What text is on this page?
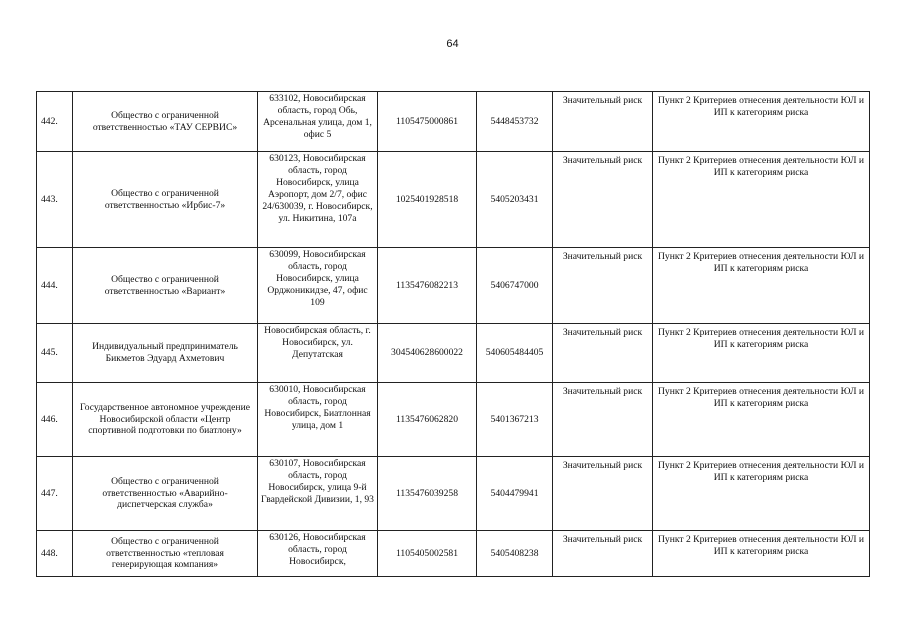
64
442.	Общество с ограниченной ответственностью «ТАУ СЕРВИС»	633102, Новосибирская область, город Обь, Арсенальная улица, дом 1, офис 5	1105475000861	5448453732	Значительный риск	Пункт 2 Критериев отнесения деятельности ЮЛ и ИП к категориям риска
443.	Общество с ограниченной ответственностью «Ирбис-7»	630123, Новосибирская область, город Новосибирск, улица Аэропорт, дом 2/7, офис 24/630039, г. Новосибирск, ул. Никитина, 107а	1025401928518	5405203431	Значительный риск	Пункт 2 Критериев отнесения деятельности ЮЛ и ИП к категориям риска
444.	Общество с ограниченной ответственностью «Вариант»	630099, Новосибирская область, город Новосибирск, улица Орджоникидзе, 47, офис 109	1135476082213	5406747000	Значительный риск	Пункт 2 Критериев отнесения деятельности ЮЛ и ИП к категориям риска
445.	Индивидуальный предприниматель Бикметов Эдуард Ахметович	Новосибирская область, г. Новосибирск, ул. Депутатская	304540628600022	540605484405	Значительный риск	Пункт 2 Критериев отнесения деятельности ЮЛ и ИП к категориям риска
446.	Государственное автономное учреждение Новосибирской области «Центр спортивной подготовки по биатлону»	630010, Новосибирская область, город Новосибирск, Биатлонная улица, дом 1	1135476062820	5401367213	Значительный риск	Пункт 2 Критериев отнесения деятельности ЮЛ и ИП к категориям риска
447.	Общество с ограниченной ответственностью «Аварийно-диспетчерская служба»	630107, Новосибирская область, город Новосибирск, улица 9-й Гвардейской Дивизии, 1, 93	1135476039258	5404479941	Значительный риск	Пункт 2 Критериев отнесения деятельности ЮЛ и ИП к категориям риска
448.	Общество с ограниченной ответственностью «тепловая генерирующая компания»	630126, Новосибирская область, город Новосибирск,	1105405002581	5405408238	Значительный риск	Пункт 2 Критериев отнесения деятельности ЮЛ и ИП к категориям риска
